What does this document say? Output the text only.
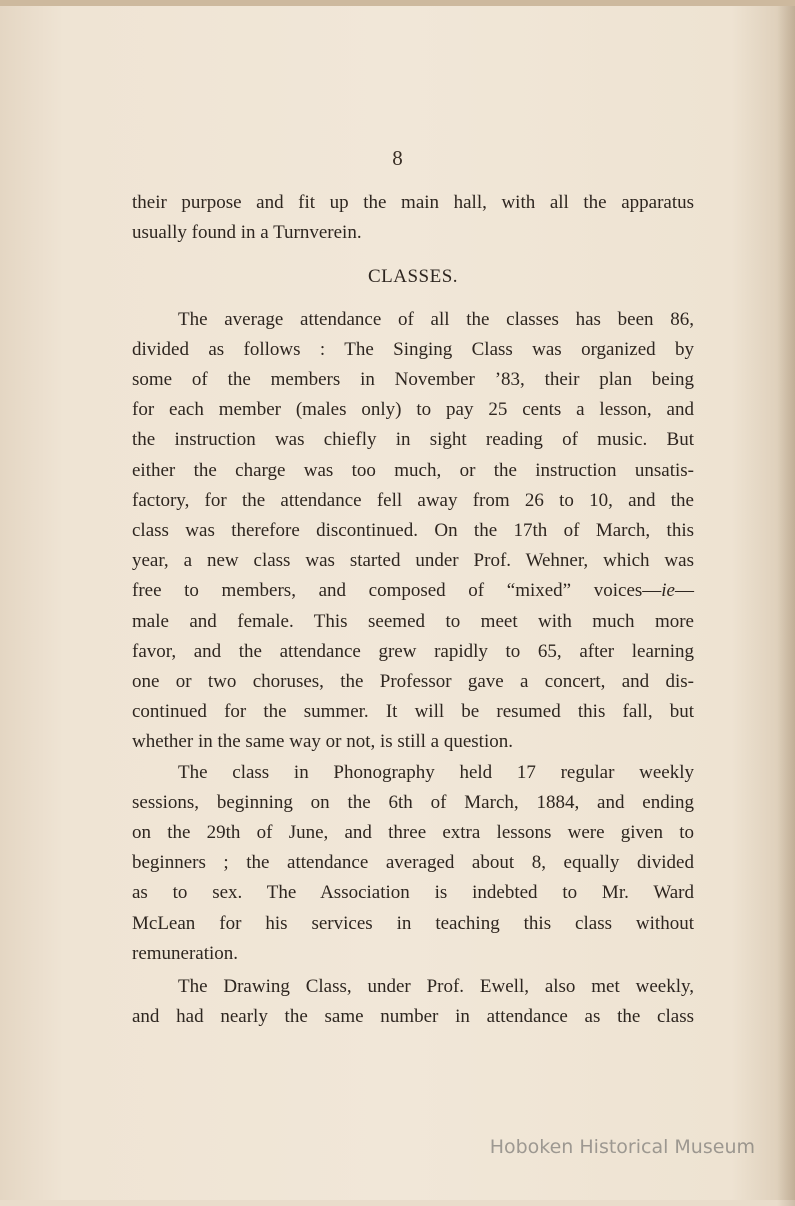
8
their purpose and fit up the main hall, with all the apparatus
usually found in a Turnverein.
CLASSES.
The average attendance of all the classes has been 86,
divided as follows : The Singing Class was organized by
some of the members in November ’83, their plan being
for each member (males only) to pay 25 cents a lesson, and
the instruction was chiefly in sight reading of music. But
either the charge was too much, or the instruction unsatis-
factory, for the attendance fell away from 26 to 10, and the
class was therefore discontinued. On the 17th of March, this
year, a new class was started under Prof. Wehner, which was
free to members, and composed of “mixed” voices—ie—
male and female. This seemed to meet with much more
favor, and the attendance grew rapidly to 65, after learning
one or two choruses, the Professor gave a concert, and dis-
continued for the summer. It will be resumed this fall, but
whether in the same way or not, is still a question.
The class in Phonography held 17 regular weekly
sessions, beginning on the 6th of March, 1884, and ending
on the 29th of June, and three extra lessons were given to
beginners ; the attendance averaged about 8, equally divided
as to sex. The Association is indebted to Mr. Ward
McLean for his services in teaching this class without
remuneration.
The Drawing Class, under Prof. Ewell, also met weekly,
and had nearly the same number in attendance as the class
Hoboken Historical Museum
